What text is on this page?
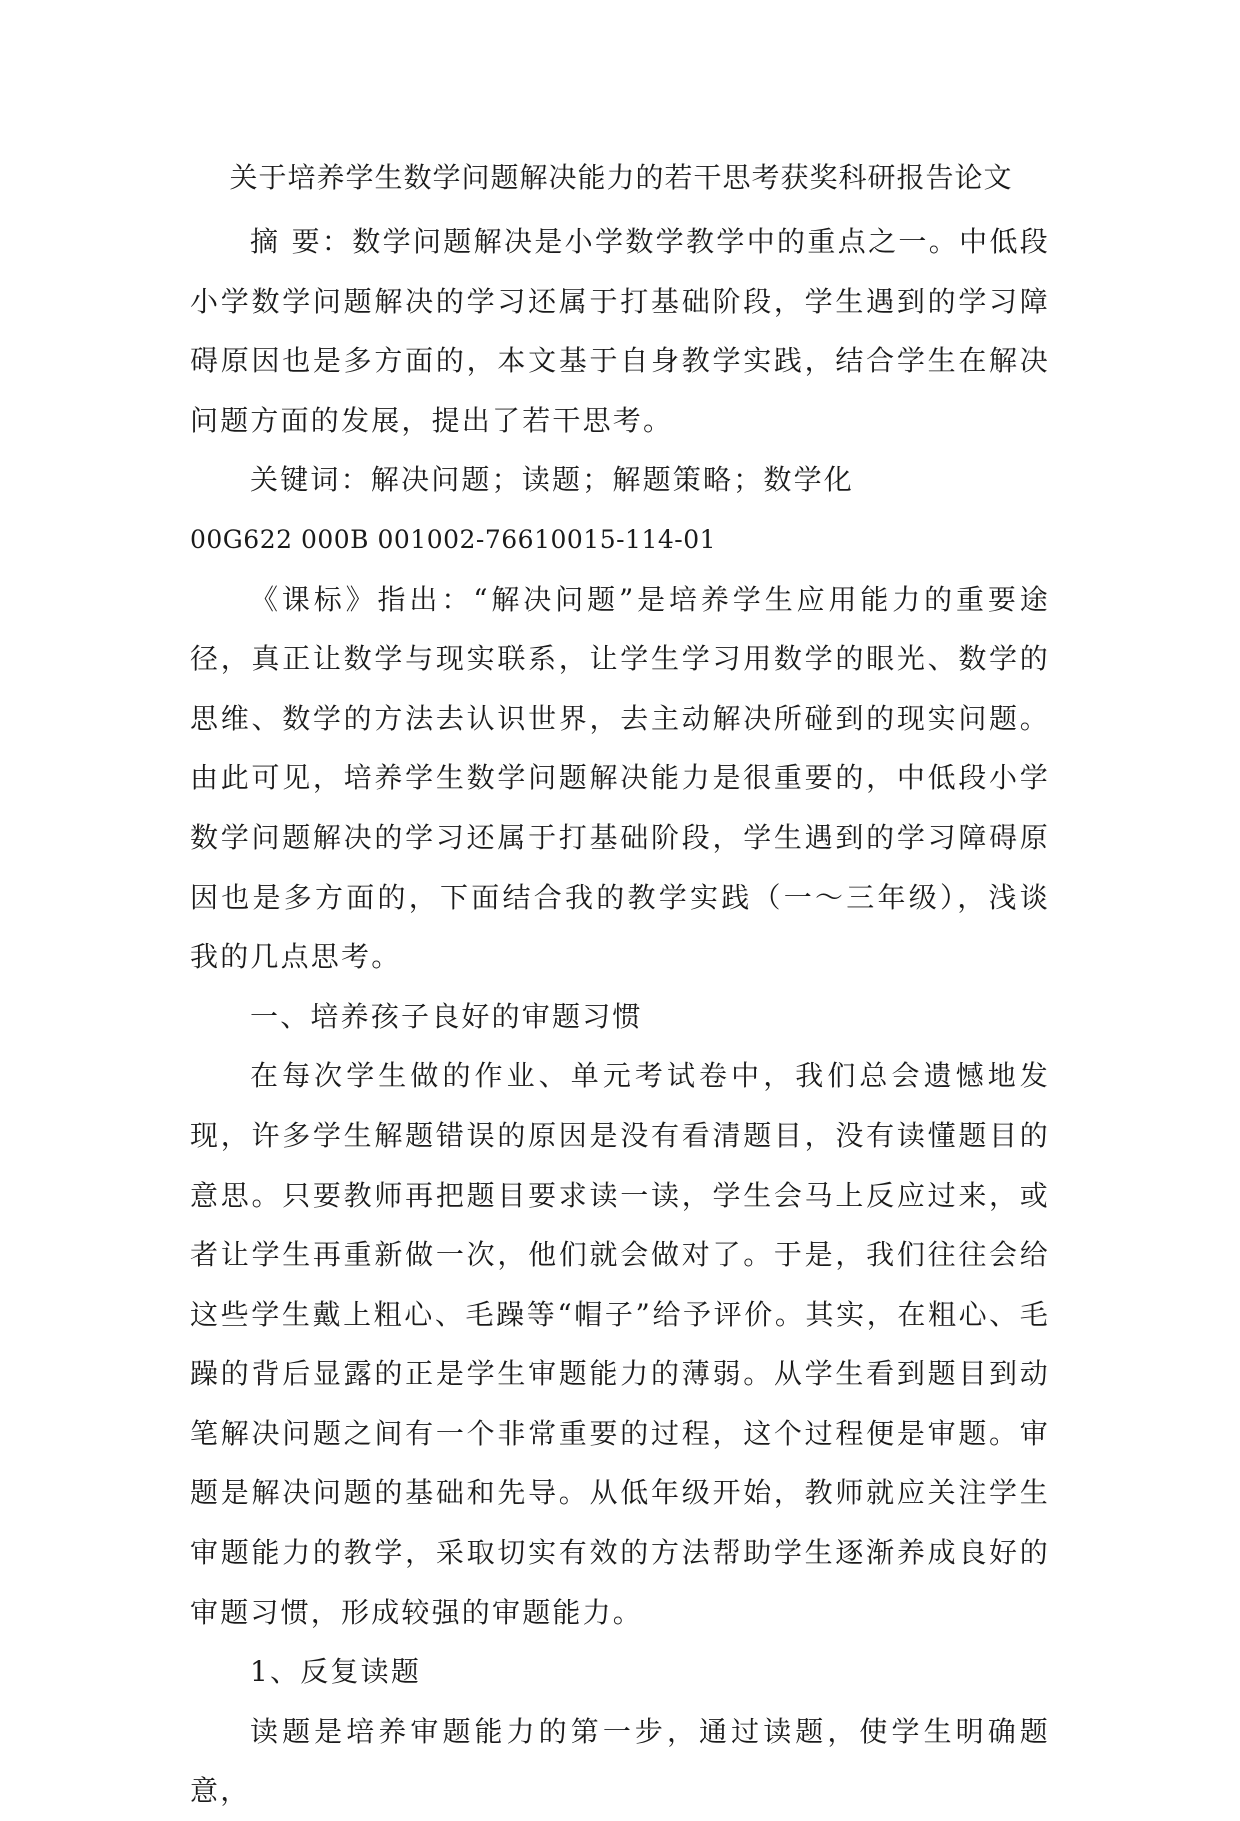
关于培养学生数学问题解决能力的若干思考获奖科研报告论文

摘 要：数学问题解决是小学数学教学中的重点之一。中低段小学数学问题解决的学习还属于打基础阶段，学生遇到的学习障碍原因也是多方面的，本文基于自身教学实践，结合学生在解决问题方面的发展，提出了若干思考。

关键词：解决问题；读题；解题策略；数学化

00G622 000B 001002-76610015-114-01

《课标》指出：“解决问题”是培养学生应用能力的重要途径，真正让数学与现实联系，让学生学习用数学的眼光、数学的思维、数学的方法去认识世界，去主动解决所碰到的现实问题。由此可见，培养学生数学问题解决能力是很重要的，中低段小学数学问题解决的学习还属于打基础阶段，学生遇到的学习障碍原因也是多方面的，下面结合我的教学实践（一～三年级），浅谈我的几点思考。

一、培养孩子良好的审题习惯

在每次学生做的作业、单元考试卷中，我们总会遗憾地发现，许多学生解题错误的原因是没有看清题目，没有读懂题目的意思。只要教师再把题目要求读一读，学生会马上反应过来，或者让学生再重新做一次，他们就会做对了。于是，我们往往会给这些学生戴上粗心、毛躁等“帽子”给予评价。其实，在粗心、毛躁的背后显露的正是学生审题能力的薄弱。从学生看到题目到动笔解决问题之间有一个非常重要的过程，这个过程便是审题。审题是解决问题的基础和先导。从低年级开始，教师就应关注学生审题能力的教学，采取切实有效的方法帮助学生逐渐养成良好的审题习惯，形成较强的审题能力。

1、反复读题

读题是培养审题能力的第一步，通过读题，使学生明确题意，
